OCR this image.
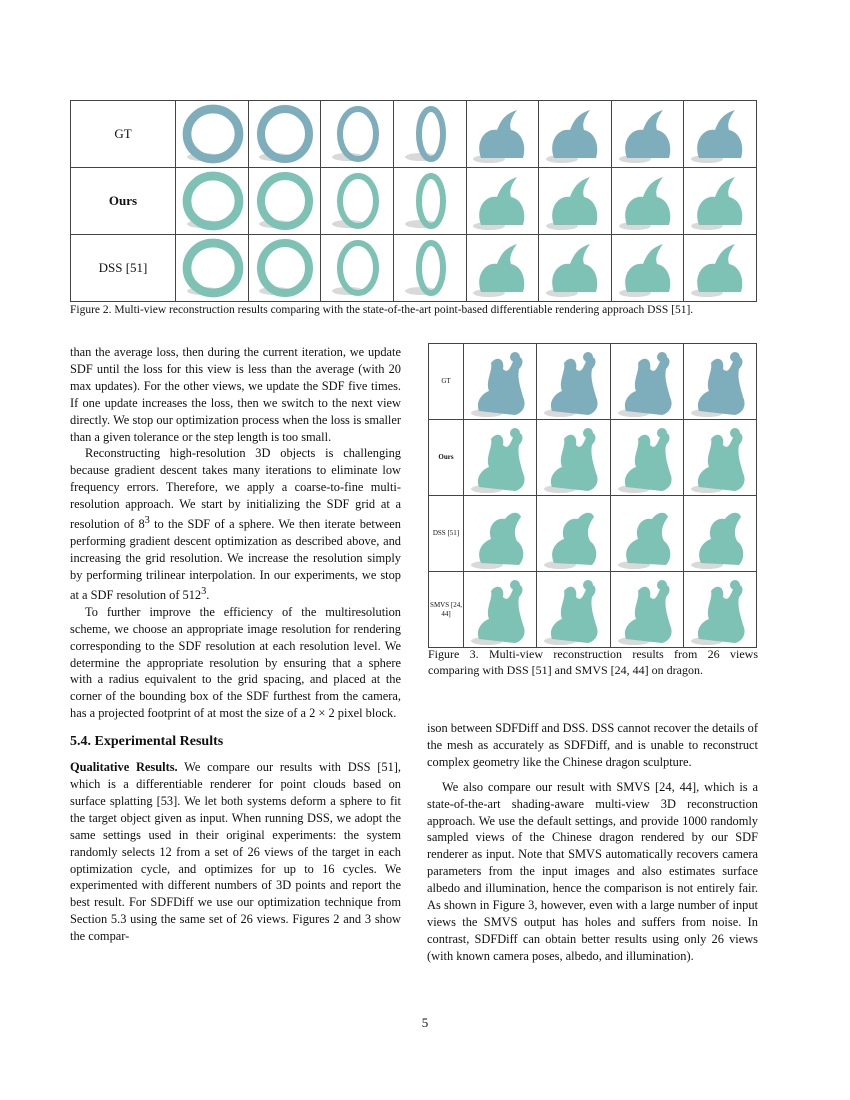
GT	

Ours	

DSS [51]	

Figure 2. Multi-view reconstruction results comparing with the state-of-the-art point-based differentiable rendering approach DSS [51].
GT	

Ours	

DSS [51]	

SMVS [24, 44]	

Figure 3. Multi-view reconstruction results from 26 views comparing with DSS [51] and SMVS [24, 44] on dragon.

than the average loss, then during the current iteration, we update SDF until the loss for this view is less than the average (with 20 max updates). For the other views, we update the SDF five times. If one update increases the loss, then we switch to the next view directly. We stop our optimization process when the loss is smaller than a given tolerance or the step length is too small.

Reconstructing high-resolution 3D objects is challenging because gradient descent takes many iterations to eliminate low frequency errors. Therefore, we apply a coarse-to-fine multi-resolution approach. We start by initializing the SDF grid at a resolution of $8^3$ to the SDF of a sphere. We then iterate between performing gradient descent optimization as described above, and increasing the grid resolution. We increase the resolution simply by performing trilinear interpolation. In our experiments, we stop at a SDF resolution of $512^3$.

To further improve the efficiency of the multiresolution scheme, we choose an appropriate image resolution for rendering corresponding to the SDF resolution at each resolution level. We determine the appropriate resolution by ensuring that a sphere with a radius equivalent to the grid spacing, and placed at the corner of the bounding box of the SDF furthest from the camera, has a projected footprint of at most the size of a 2 × 2 pixel block.

5.4. Experimental Results

Qualitative Results. We compare our results with DSS [51], which is a differentiable renderer for point clouds based on surface splatting [53]. We let both systems deform a sphere to fit the target object given as input. When running DSS, we adopt the same settings used in their original experiments: the system randomly selects 12 from a set of 26 views of the target in each optimization cycle, and optimizes for up to 16 cycles. We experimented with different numbers of 3D points and report the best result. For SDFDiff we use our optimization technique from Section 5.3 using the same set of 26 views. Figures 2 and 3 show the compar-

ison between SDFDiff and DSS. DSS cannot recover the details of the mesh as accurately as SDFDiff, and is unable to reconstruct complex geometry like the Chinese dragon sculpture.

We also compare our result with SMVS [24, 44], which is a state-of-the-art shading-aware multi-view 3D reconstruction approach. We use the default settings, and provide 1000 randomly sampled views of the Chinese dragon rendered by our SDF renderer as input. Note that SMVS automatically recovers camera parameters from the input images and also estimates surface albedo and illumination, hence the comparison is not entirely fair. As shown in Figure 3, however, even with a large number of input views the SMVS output has holes and suffers from noise. In contrast, SDFDiff can obtain better results using only 26 views (with known camera poses, albedo, and illumination).

5
